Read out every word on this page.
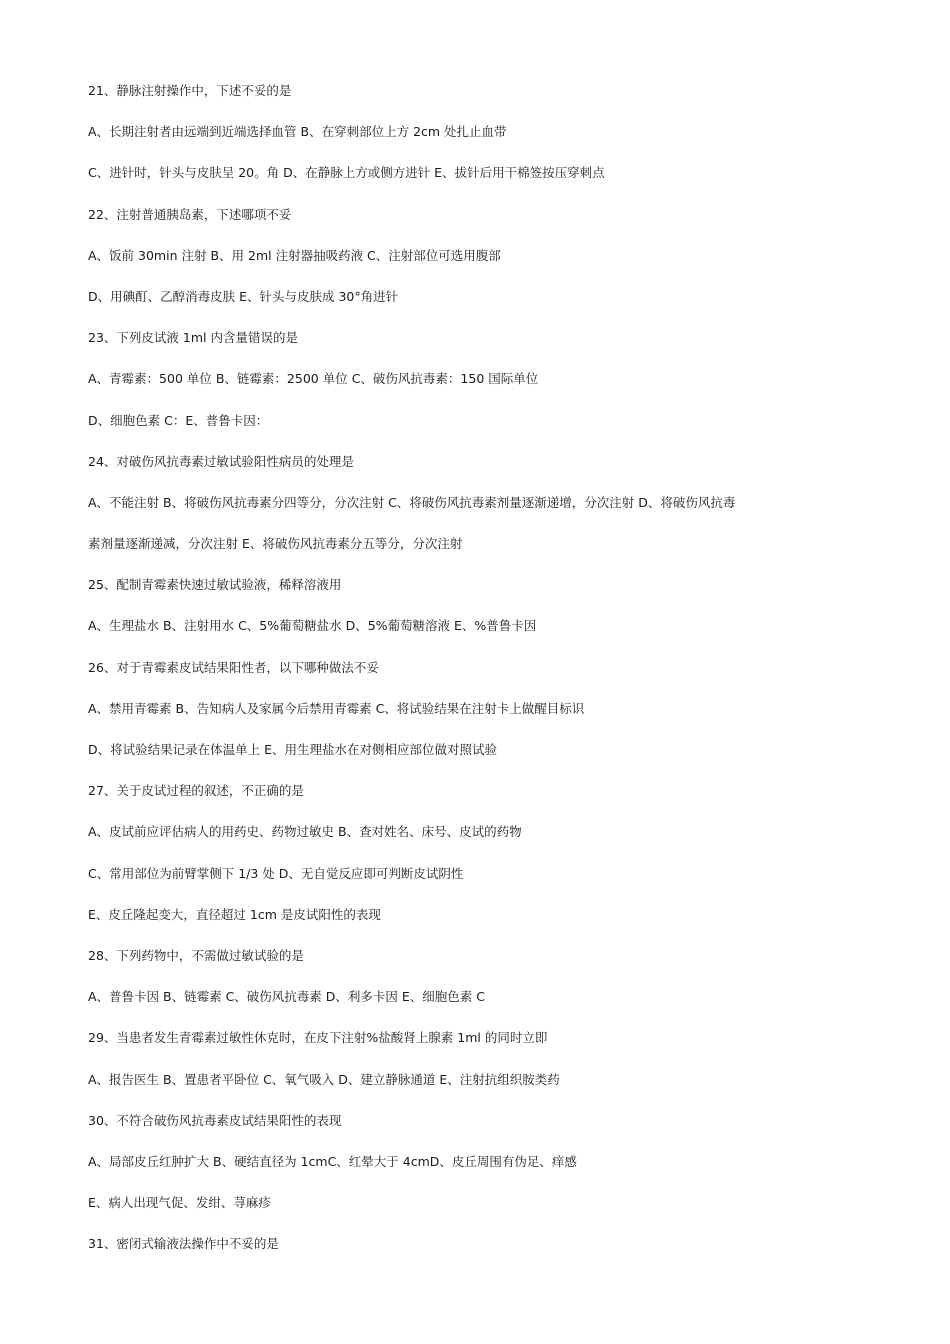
21、静脉注射操作中，下述不妥的是
A、长期注射者由远端到近端选择血管 B、在穿刺部位上方 2cm 处扎止血带
C、进针时，针头与皮肤呈 20。角 D、在静脉上方或侧方进针 E、拔针后用干棉签按压穿刺点
22、注射普通胰岛素，下述哪项不妥
A、饭前 30min 注射 B、用 2ml 注射器抽吸药液 C、注射部位可选用腹部
D、用碘酊、乙醇消毒皮肤 E、针头与皮肤成 30°角进针
23、下列皮试液 1ml 内含量错误的是
A、青霉素：500 单位 B、链霉素：2500 单位 C、破伤风抗毒素：150 国际单位
D、细胞色素 C：E、普鲁卡因：
24、对破伤风抗毒素过敏试验阳性病员的处理是
A、不能注射 B、将破伤风抗毒素分四等分，分次注射 C、将破伤风抗毒素剂量逐渐递增，分次注射 D、将破伤风抗毒
素剂量逐渐递减，分次注射 E、将破伤风抗毒素分五等分，分次注射
25、配制青霉素快速过敏试验液，稀释溶液用
A、生理盐水 B、注射用水 C、5%葡萄糖盐水 D、5%葡萄糖溶液 E、%普鲁卡因
26、对于青霉素皮试结果阳性者，以下哪种做法不妥
A、禁用青霉素 B、告知病人及家属今后禁用青霉素 C、将试验结果在注射卡上做醒目标识
D、将试验结果记录在体温单上 E、用生理盐水在对侧相应部位做对照试验
27、关于皮试过程的叙述，不正确的是
A、皮试前应评估病人的用药史、药物过敏史 B、查对姓名、床号、皮试的药物
C、常用部位为前臂掌侧下 1/3 处 D、无自觉反应即可判断皮试阴性
E、皮丘隆起变大，直径超过 1cm 是皮试阳性的表现
28、下列药物中，不需做过敏试验的是
A、普鲁卡因 B、链霉素 C、破伤风抗毒素 D、利多卡因 E、细胞色素 C
29、当患者发生青霉素过敏性休克时，在皮下注射%盐酸肾上腺素 1ml 的同时立即
A、报告医生 B、置患者平卧位 C、氧气吸入 D、建立静脉通道 E、注射抗组织胺类药
30、不符合破伤风抗毒素皮试结果阳性的表现
A、局部皮丘红肿扩大 B、硬结直径为 1cmC、红晕大于 4cmD、皮丘周围有伪足、痒感
E、病人出现气促、发绀、荨麻疹
31、密闭式输液法操作中不妥的是
